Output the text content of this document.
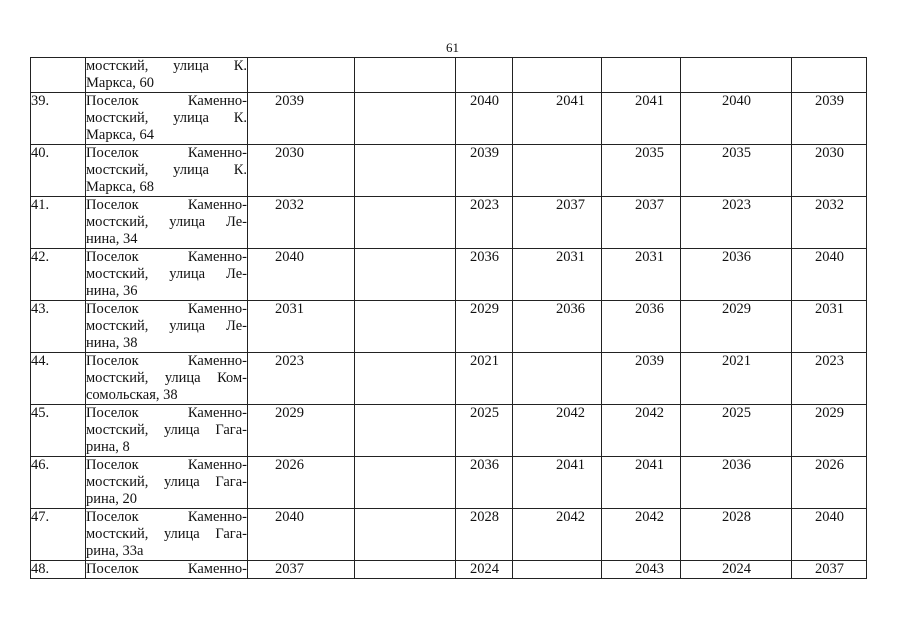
61

	мостский, улица К.
Маркса, 60							

39.	Поселок Каменно-
мостский, улица К.
Маркса, 64	2039		2040	2041	2041	2040	2039
40.	Поселок Каменно-
мостский, улица К.
Маркса, 68	2030		2039		2035	2035	2030
41.	Поселок Каменно-
мостский, улица Ле-
нина, 34	2032		2023	2037	2037	2023	2032
42.	Поселок Каменно-
мостский, улица Ле-
нина, 36	2040		2036	2031	2031	2036	2040
43.	Поселок Каменно-
мостский, улица Ле-
нина, 38	2031		2029	2036	2036	2029	2031
44.	Поселок Каменно-
мостский, улица Ком-
сомольская, 38	2023		2021		2039	2021	2023
45.	Поселок Каменно-
мостский, улица Гага-
рина, 8	2029		2025	2042	2042	2025	2029
46.	Поселок Каменно-
мостский, улица Гага-
рина, 20	2026		2036	2041	2041	2036	2026
47.	Поселок Каменно-
мостский, улица Гага-
рина, 33а	2040		2028	2042	2042	2028	2040
48.	Поселок Каменно-	2037		2024		2043	2024	2037
